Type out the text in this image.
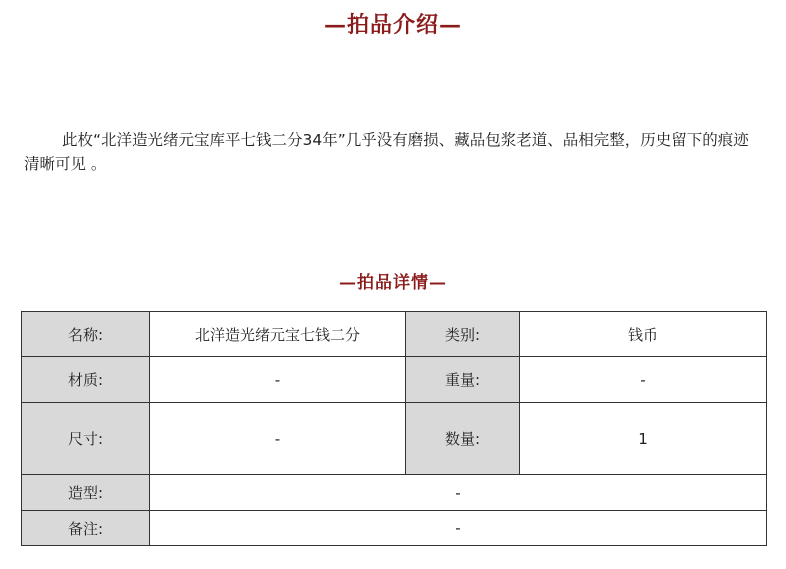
—拍品介绍—

此枚“北洋造光绪元宝库平七钱二分34年”几乎没有磨损、藏品包浆老道、品相完整，历史留下的痕迹清晰可见 。

—拍品详情—
名称:	北洋造光绪元宝七钱二分	类别:	钱币
材质:	-	重量:	-
尺寸:	-	数量:	1
造型:	-		
备注:	-		
